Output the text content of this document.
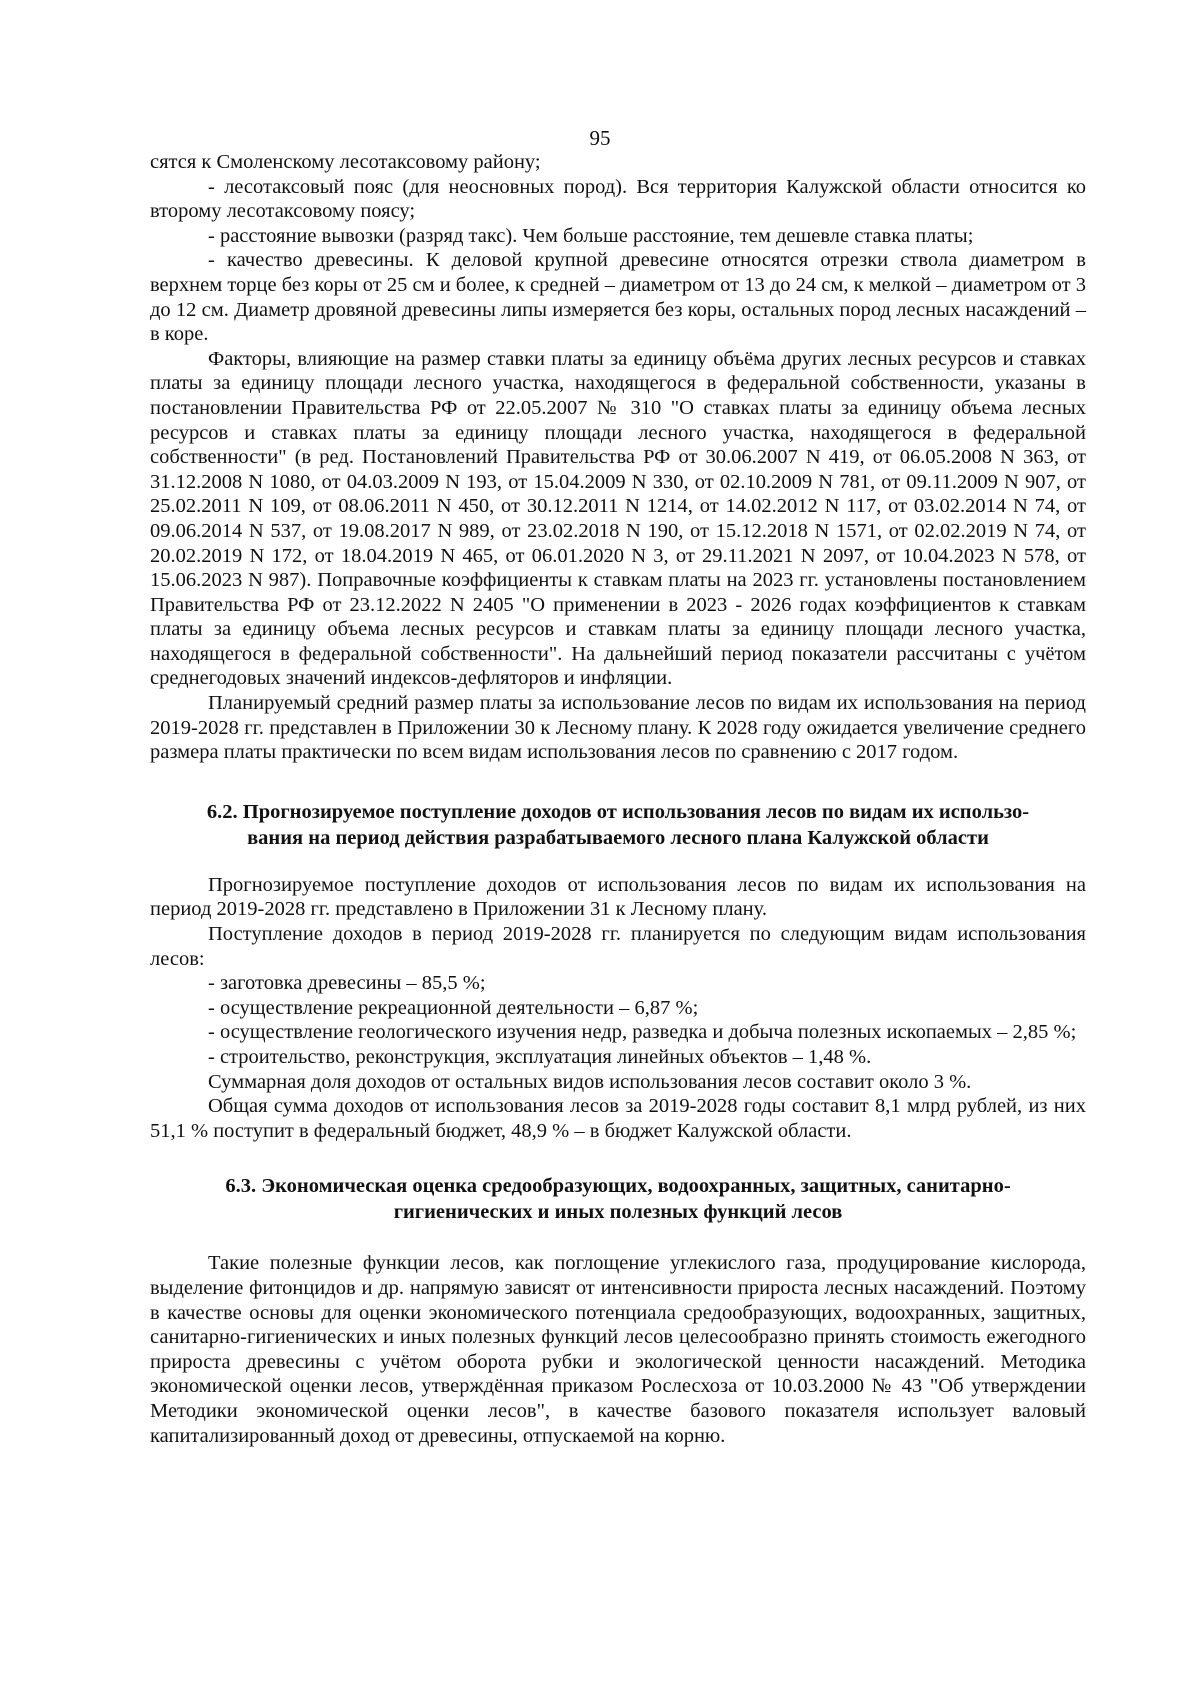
95

сятся к Смоленскому лесотаксовому району;

- лесотаксовый пояс (для неосновных пород). Вся территория Калужской области относится ко второму лесотаксовому поясу;

- расстояние вывозки (разряд такс). Чем больше расстояние, тем дешевле ставка платы;

- качество древесины. К деловой крупной древесине относятся отрезки ствола диаметром в верхнем торце без коры от 25 см и более, к средней – диаметром от 13 до 24 см, к мелкой – диаметром от 3 до 12 см. Диаметр дровяной древесины липы измеряется без коры, остальных пород лесных насаждений – в коре.

Факторы, влияющие на размер ставки платы за единицу объёма других лесных ресурсов и ставках платы за единицу площади лесного участка, находящегося в федеральной собственности, указаны в постановлении Правительства РФ от 22.05.2007 № 310 "О ставках платы за единицу объема лесных ресурсов и ставках платы за единицу площади лесного участка, находящегося в федеральной собственности" (в ред. Постановлений Правительства РФ от 30.06.2007 N 419, от 06.05.2008 N 363, от 31.12.2008 N 1080, от 04.03.2009 N 193, от 15.04.2009 N 330, от 02.10.2009 N 781, от 09.11.2009 N 907, от 25.02.2011 N 109, от 08.06.2011 N 450, от 30.12.2011 N 1214, от 14.02.2012 N 117, от 03.02.2014 N 74, от 09.06.2014 N 537, от 19.08.2017 N 989, от 23.02.2018 N 190, от 15.12.2018 N 1571, от 02.02.2019 N 74, от 20.02.2019 N 172, от 18.04.2019 N 465, от 06.01.2020 N 3, от 29.11.2021 N 2097, от 10.04.2023 N 578, от 15.06.2023 N 987). Поправочные коэффициенты к ставкам платы на 2023 гг. установлены постановлением Правительства РФ от 23.12.2022 N 2405 "О применении в 2023 - 2026 годах коэффициентов к ставкам платы за единицу объема лесных ресурсов и ставкам платы за единицу площади лесного участка, находящегося в федеральной собственности". На дальнейший период показатели рассчитаны с учётом среднегодовых значений индексов-дефляторов и инфляции.

Планируемый средний размер платы за использование лесов по видам их использования на период 2019-2028 гг. представлен в Приложении 30 к Лесному плану. К 2028 году ожидается увеличение среднего размера платы практически по всем видам использования лесов по сравнению с 2017 годом.

6.2. Прогнозируемое поступление доходов от использования лесов по видам их использо-
вания на период действия разрабатываемого лесного плана Калужской области

Прогнозируемое поступление доходов от использования лесов по видам их использования на период 2019-2028 гг. представлено в Приложении 31 к Лесному плану.

Поступление доходов в период 2019-2028 гг. планируется по следующим видам использования лесов:

- заготовка древесины – 85,5 %;

- осуществление рекреационной деятельности – 6,87 %;

- осуществление геологического изучения недр, разведка и добыча полезных ископаемых – 2,85 %;

- строительство, реконструкция, эксплуатация линейных объектов – 1,48 %.

Суммарная доля доходов от остальных видов использования лесов составит около 3 %.

Общая сумма доходов от использования лесов за 2019-2028 годы составит 8,1 млрд рублей, из них 51,1 % поступит в федеральный бюджет, 48,9 % – в бюджет Калужской области.

6.3. Экономическая оценка средообразующих, водоохранных, защитных, санитарно-
гигиенических и иных полезных функций лесов

Такие полезные функции лесов, как поглощение углекислого газа, продуцирование кислорода, выделение фитонцидов и др. напрямую зависят от интенсивности прироста лесных насаждений. Поэтому в качестве основы для оценки экономического потенциала средообразующих, водоохранных, защитных, санитарно-гигиенических и иных полезных функций лесов целесообразно принять стоимость ежегодного прироста древесины с учётом оборота рубки и экологической ценности насаждений. Методика экономической оценки лесов, утверждённая приказом Рослесхоза от 10.03.2000 № 43 "Об утверждении Методики экономической оценки лесов", в качестве базового показателя использует валовый капитализированный доход от древесины, отпускаемой на корню.
